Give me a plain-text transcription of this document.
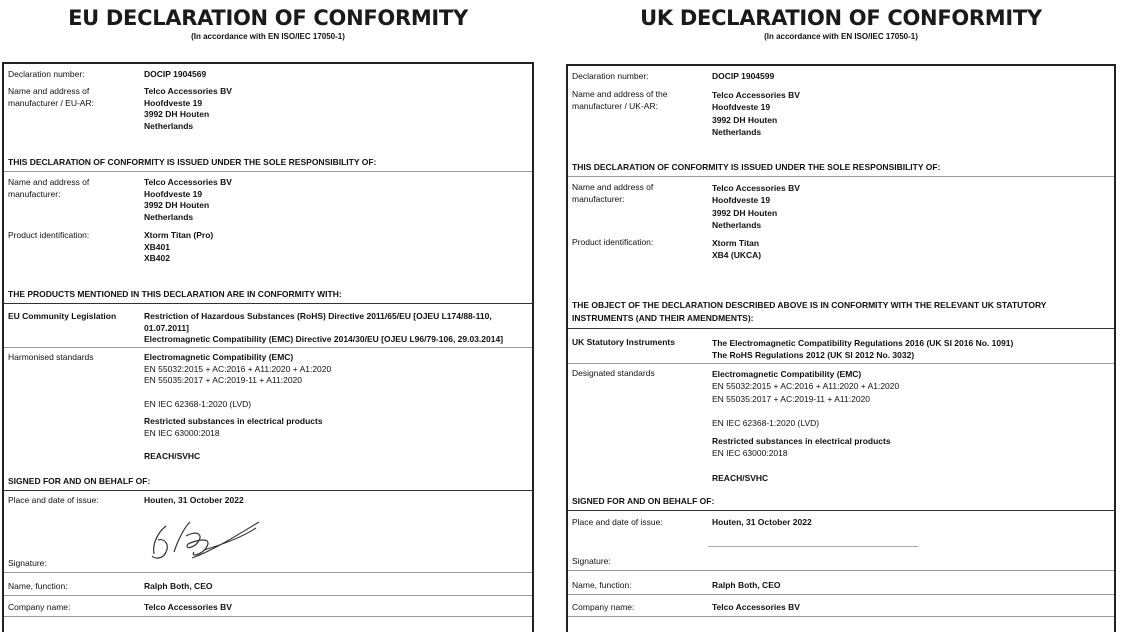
EU DECLARATION OF CONFORMITY
(In accordance with EN ISO/IEC 17050-1)
Declaration number:	DOCIP 1904569
Name and address of
manufacturer / EU-AR:
Telco Accessories BV
Hoofdveste 19
3992 DH Houten
Netherlands
THIS DECLARATION OF CONFORMITY IS ISSUED UNDER THE SOLE RESPONSIBILITY OF:
Name and address of
manufacturer:
Telco Accessories BV
Hoofdveste 19
3992 DH Houten
Netherlands
Product identification:	Xtorm Titan (Pro)
XB401
XB402
THE PRODUCTS MENTIONED IN THIS DECLARATION ARE IN CONFORMITY WITH:
EU Community Legislation	Restriction of Hazardous Substances (RoHS) Directive 2011/65/EU [OJEU L174/88-110,
01.07.2011]
Electromagnetic Compatibility (EMC) Directive 2014/30/EU [OJEU L96/79-106, 29.03.2014]
Harmonised standards	Electromagnetic Compatibility (EMC)
EN 55032:2015 + AC:2016 + A11:2020 + A1:2020
EN 55035:2017 + AC:2019-11 + A11:2020
EN IEC 62368-1:2020 (LVD)
Restricted substances in electrical products
EN IEC 63000:2018
REACH/SVHC
SIGNED FOR AND ON BEHALF OF:
Place and date of issue:	Houten, 31 October 2022
Signature:
Name, function:	Ralph Both, CEO
Company name:	Telco Accessories BV
UK DECLARATION OF CONFORMITY
(In accordance with EN ISO/IEC 17050-1)
Declaration number:	DOCIP 1904599
Name and address of the
manufacturer / UK-AR:
Telco Accessories BV
Hoofdveste 19
3992 DH Houten
Netherlands
THIS DECLARATION OF CONFORMITY IS ISSUED UNDER THE SOLE RESPONSIBILITY OF:
Name and address of
manufacturer:
Telco Accessories BV
Hoofdveste 19
3992 DH Houten
Netherlands
Product identification:	Xtorm Titan
XB4 (UKCA)
THE OBJECT OF THE DECLARATION DESCRIBED ABOVE IS IN CONFORMITY WITH THE RELEVANT UK STATUTORY
INSTRUMENTS (AND THEIR AMENDMENTS):
UK Statutory Instruments	The Electromagnetic Compatibility Regulations 2016 (UK SI 2016 No. 1091)
The RoHS Regulations 2012 (UK SI 2012 No. 3032)
Designated standards	Electromagnetic Compatibility (EMC)
EN 55032:2015 + AC:2016 + A11:2020 + A1:2020
EN 55035:2017 + AC:2019-11 + A11:2020
EN IEC 62368-1:2020 (LVD)
Restricted substances in electrical products
EN IEC 63000:2018
REACH/SVHC
SIGNED FOR AND ON BEHALF OF:
Place and date of issue:	Houten, 31 October 2022
Signature:
Name, function:	Ralph Both, CEO
Company name:	Telco Accessories BV
